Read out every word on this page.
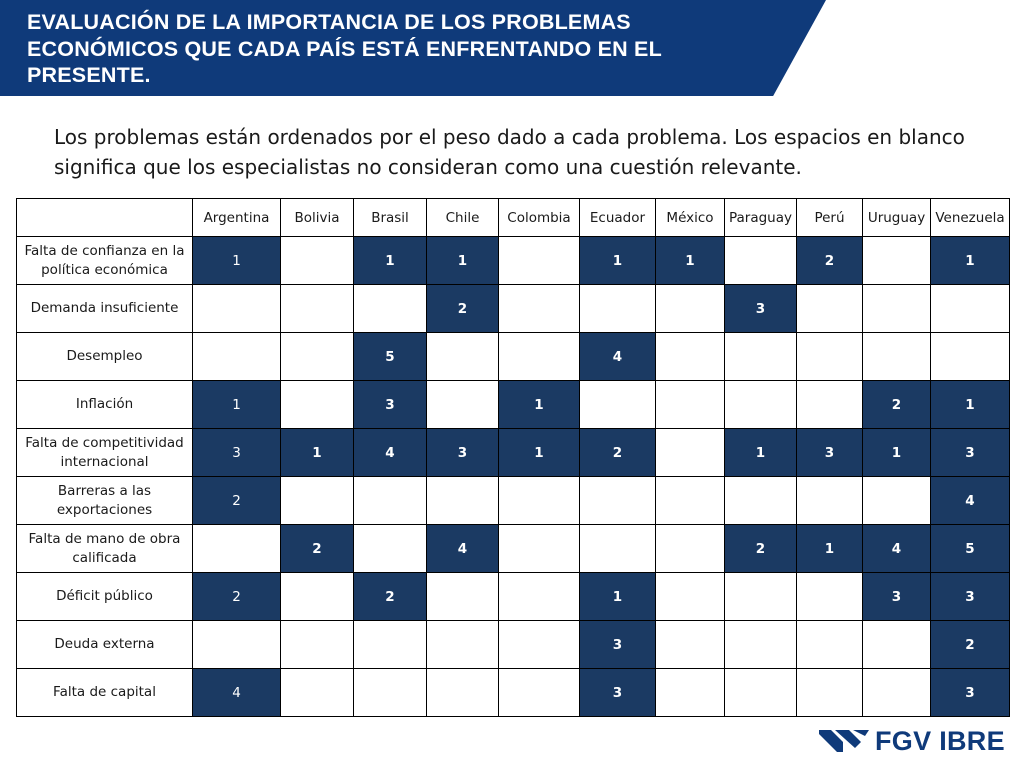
EVALUACIÓN DE LA IMPORTANCIA DE LOS PROBLEMAS ECONÓMICOS QUE CADA PAÍS ESTÁ ENFRENTANDO EN EL PRESENTE.

Los problemas están ordenados por el peso dado a cada problema. Los espacios en blanco significa que los especialistas no consideran como una cuestión relevante.

	Argentina	Bolivia	Brasil	Chile	Colombia	Ecuador	México	Paraguay	Perú	Uruguay	Venezuela
Falta de confianza en la política económica	1		1	1		1	1		2		1
Demanda insuficiente				2				3			
Desempleo			5			4					
Inflación	1		3		1					2	1
Falta de competitividad internacional	3	1	4	3	1	2		1	3	1	3
Barreras a las exportaciones	2										4
Falta de mano de obra calificada		2		4				2	1	4	5
Déficit público	2		2			1				3	3
Deuda externa						3					2
Falta de capital	4					3					3
FGV IBRE
